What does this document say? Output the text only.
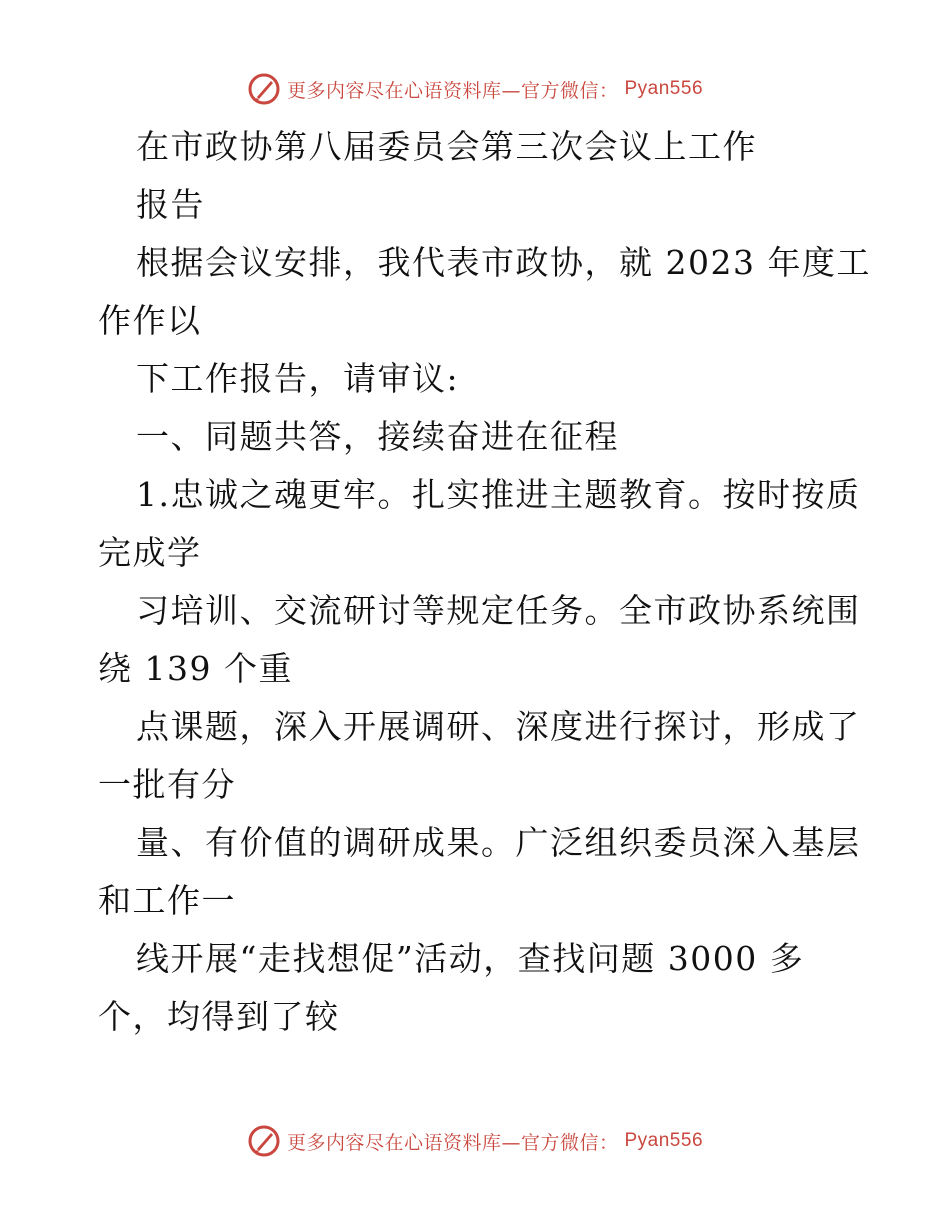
更多内容尽在心语资料库—官方微信： Pyan556
在市政协第八届委员会第三次会议上工作
报告
根据会议安排，我代表市政协，就 2023 年度工
作作以
下工作报告，请审议:
一、同题共答，接续奋进在征程
1.忠诚之魂更牢。扎实推进主题教育。按时按质
完成学
习培训、交流研讨等规定任务。全市政协系统围
绕 139 个重
点课题，深入开展调研、深度进行探讨，形成了
一批有分
量、有价值的调研成果。广泛组织委员深入基层
和工作一
线开展“走找想促”活动，查找问题 3000 多
个，均得到了较
更多内容尽在心语资料库—官方微信： Pyan556
